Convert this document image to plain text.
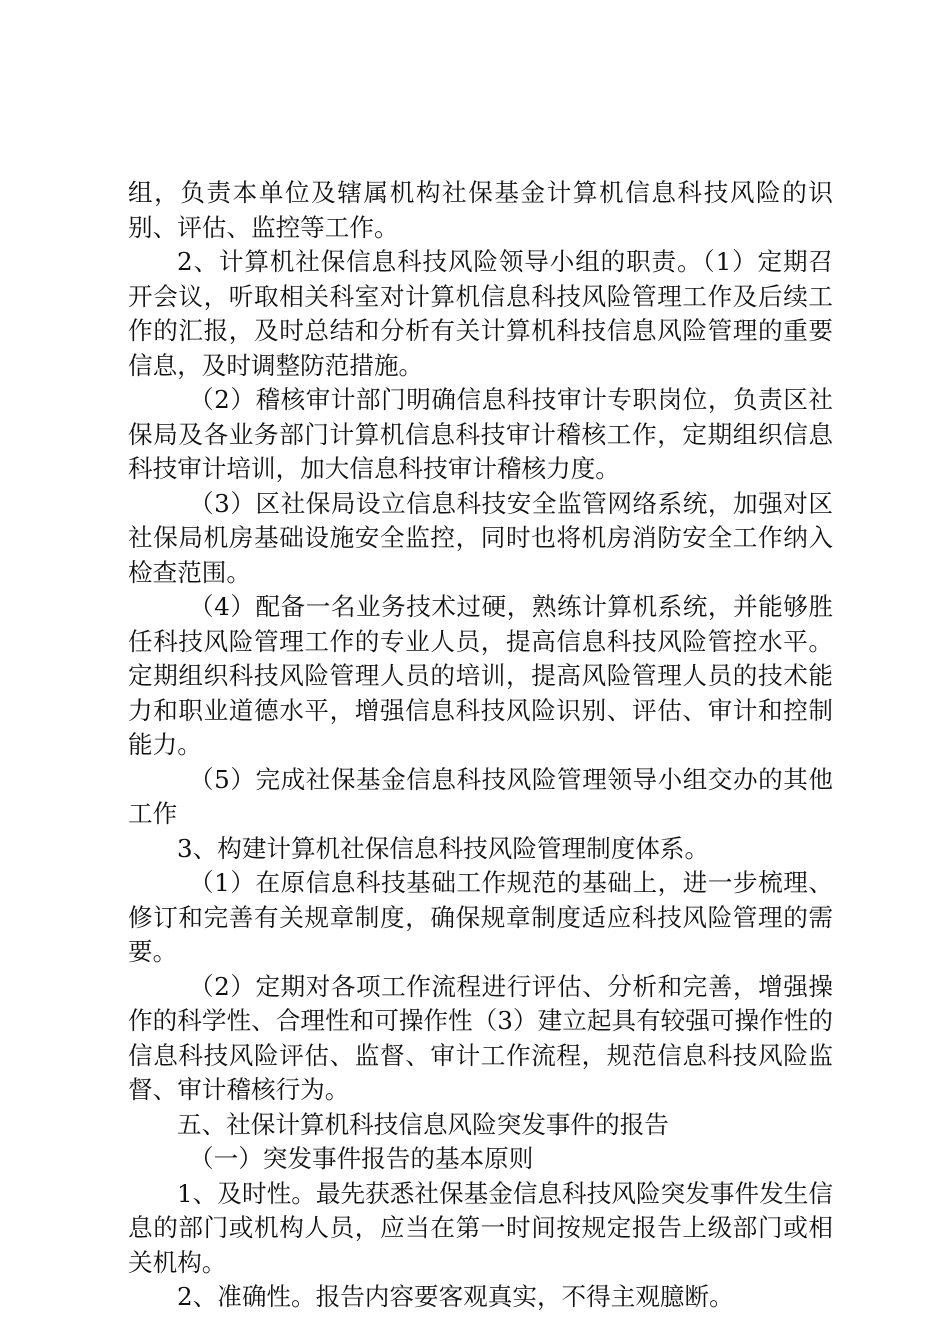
组，负责本单位及辖属机构社保基金计算机信息科技风险的识别、评估、监控等工作。

2、计算机社保信息科技风险领导小组的职责。（1）定期召开会议，听取相关科室对计算机信息科技风险管理工作及后续工作的汇报，及时总结和分析有关计算机科技信息风险管理的重要信息，及时调整防范措施。

（2）稽核审计部门明确信息科技审计专职岗位，负责区社保局及各业务部门计算机信息科技审计稽核工作，定期组织信息科技审计培训，加大信息科技审计稽核力度。

（3）区社保局设立信息科技安全监管网络系统，加强对区社保局机房基础设施安全监控，同时也将机房消防安全工作纳入检查范围。

（4）配备一名业务技术过硬，熟练计算机系统，并能够胜任科技风险管理工作的专业人员，提高信息科技风险管控水平。定期组织科技风险管理人员的培训，提高风险管理人员的技术能力和职业道德水平，增强信息科技风险识别、评估、审计和控制能力。

（5）完成社保基金信息科技风险管理领导小组交办的其他工作

3、构建计算机社保信息科技风险管理制度体系。

（1）在原信息科技基础工作规范的基础上，进一步梳理、修订和完善有关规章制度，确保规章制度适应科技风险管理的需要。

（2）定期对各项工作流程进行评估、分析和完善，增强操作的科学性、合理性和可操作性（3）建立起具有较强可操作性的信息科技风险评估、监督、审计工作流程，规范信息科技风险监督、审计稽核行为。

五、社保计算机科技信息风险突发事件的报告

（一）突发事件报告的基本原则

1、及时性。最先获悉社保基金信息科技风险突发事件发生信息的部门或机构人员，应当在第一时间按规定报告上级部门或相关机构。

2、准确性。报告内容要客观真实，不得主观臆断。
